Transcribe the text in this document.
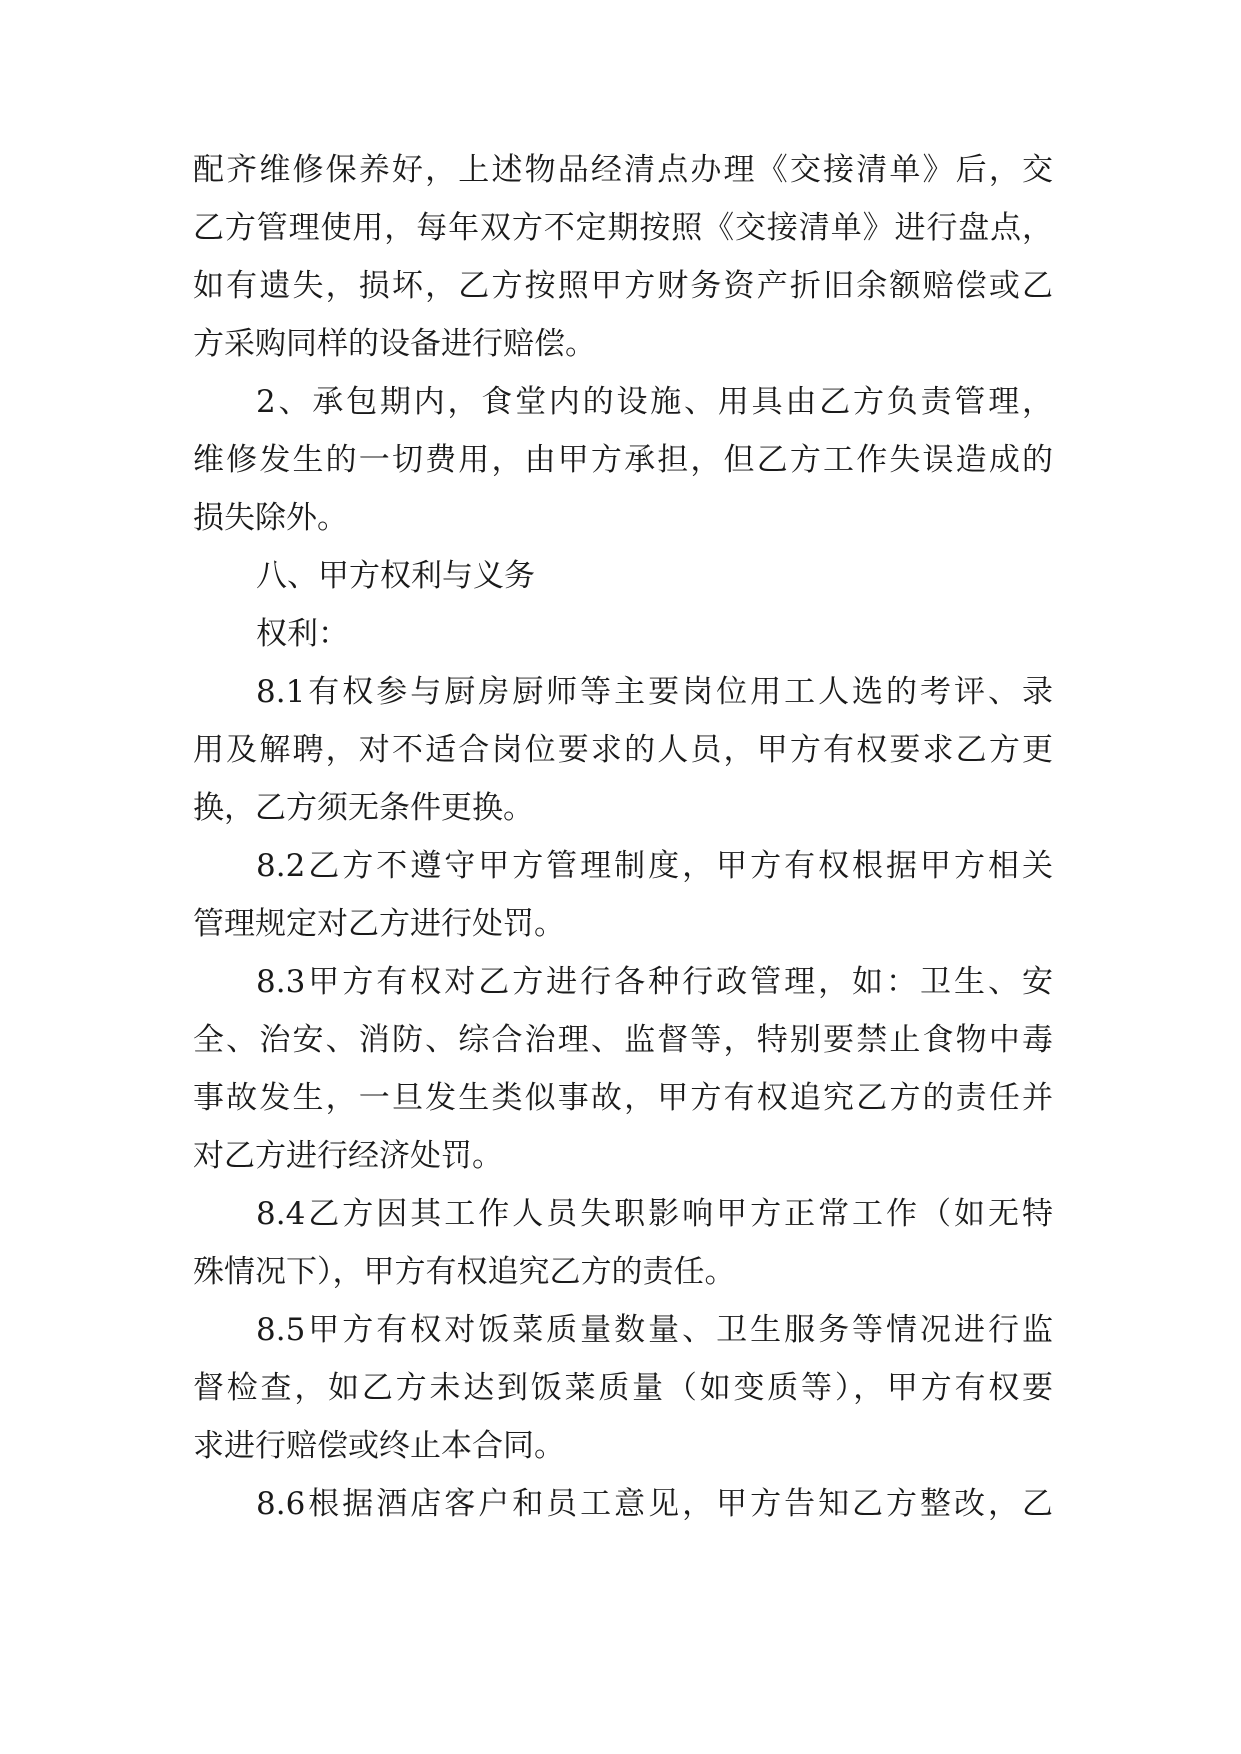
配齐维修保养好，上述物品经清点办理《交接清单》后，交
乙方管理使用，每年双方不定期按照《交接清单》进行盘点，
如有遗失，损坏，乙方按照甲方财务资产折旧余额赔偿或乙
方采购同样的设备进行赔偿。
2、承包期内，食堂内的设施、用具由乙方负责管理，
维修发生的一切费用，由甲方承担，但乙方工作失误造成的
损失除外。
八、甲方权利与义务
权利：
8.1有权参与厨房厨师等主要岗位用工人选的考评、录
用及解聘，对不适合岗位要求的人员，甲方有权要求乙方更
换，乙方须无条件更换。
8.2乙方不遵守甲方管理制度，甲方有权根据甲方相关
管理规定对乙方进行处罚。
8.3甲方有权对乙方进行各种行政管理，如：卫生、安
全、治安、消防、综合治理、监督等，特别要禁止食物中毒
事故发生，一旦发生类似事故，甲方有权追究乙方的责任并
对乙方进行经济处罚。
8.4乙方因其工作人员失职影响甲方正常工作（如无特
殊情况下），甲方有权追究乙方的责任。
8.5甲方有权对饭菜质量数量、卫生服务等情况进行监
督检查，如乙方未达到饭菜质量（如变质等），甲方有权要
求进行赔偿或终止本合同。
8.6根据酒店客户和员工意见，甲方告知乙方整改，乙
